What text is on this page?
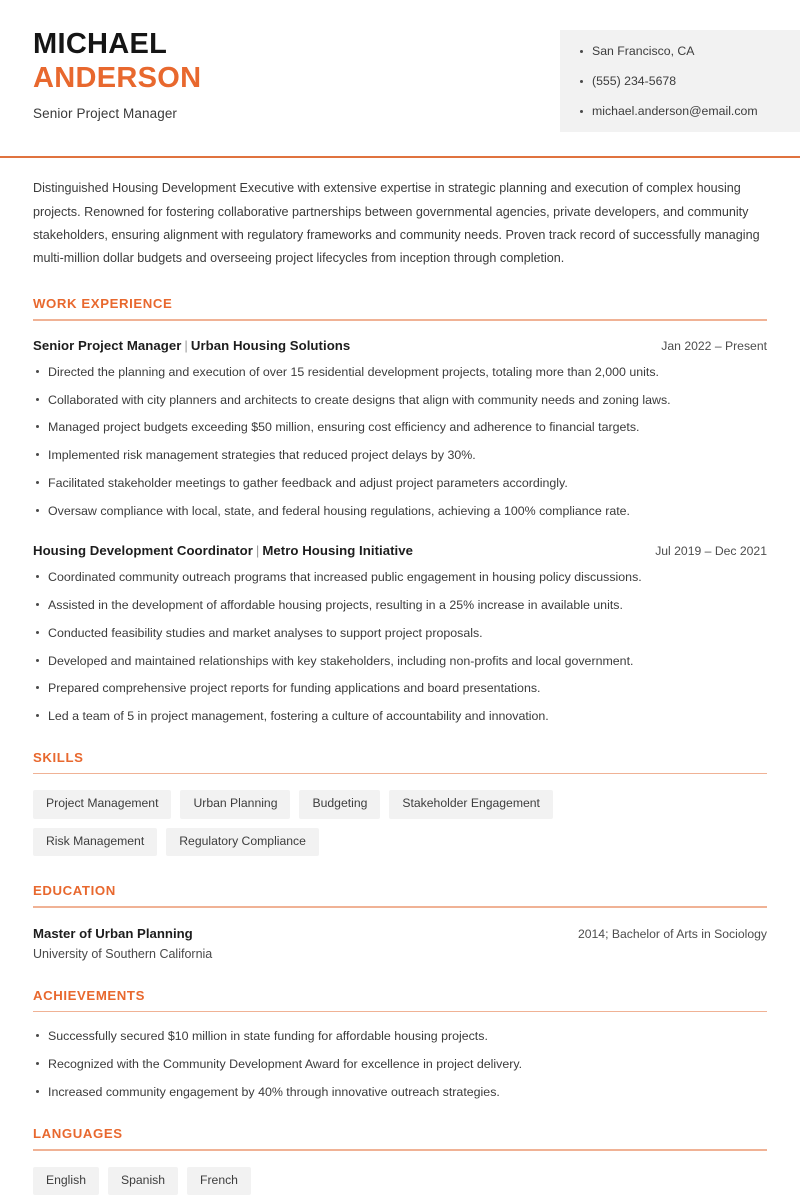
MICHAEL
ANDERSON
Senior Project Manager
San Francisco, CA
(555) 234-5678
michael.anderson@email.com
Distinguished Housing Development Executive with extensive expertise in strategic planning and execution of complex housing projects. Renowned for fostering collaborative partnerships between governmental agencies, private developers, and community stakeholders, ensuring alignment with regulatory frameworks and community needs. Proven track record of successfully managing multi-million dollar budgets and overseeing project lifecycles from inception through completion.
WORK EXPERIENCE
Senior Project Manager | Urban Housing Solutions	Jan 2022 – Present
Directed the planning and execution of over 15 residential development projects, totaling more than 2,000 units.
Collaborated with city planners and architects to create designs that align with community needs and zoning laws.
Managed project budgets exceeding $50 million, ensuring cost efficiency and adherence to financial targets.
Implemented risk management strategies that reduced project delays by 30%.
Facilitated stakeholder meetings to gather feedback and adjust project parameters accordingly.
Oversaw compliance with local, state, and federal housing regulations, achieving a 100% compliance rate.
Housing Development Coordinator | Metro Housing Initiative	Jul 2019 – Dec 2021
Coordinated community outreach programs that increased public engagement in housing policy discussions.
Assisted in the development of affordable housing projects, resulting in a 25% increase in available units.
Conducted feasibility studies and market analyses to support project proposals.
Developed and maintained relationships with key stakeholders, including non-profits and local government.
Prepared comprehensive project reports for funding applications and board presentations.
Led a team of 5 in project management, fostering a culture of accountability and innovation.
SKILLS
Project Management	Urban Planning	Budgeting	Stakeholder Engagement
Risk Management	Regulatory Compliance
EDUCATION
Master of Urban Planning	2014; Bachelor of Arts in Sociology
University of Southern California
ACHIEVEMENTS
Successfully secured $10 million in state funding for affordable housing projects.
Recognized with the Community Development Award for excellence in project delivery.
Increased community engagement by 40% through innovative outreach strategies.
LANGUAGES
English	Spanish	French
